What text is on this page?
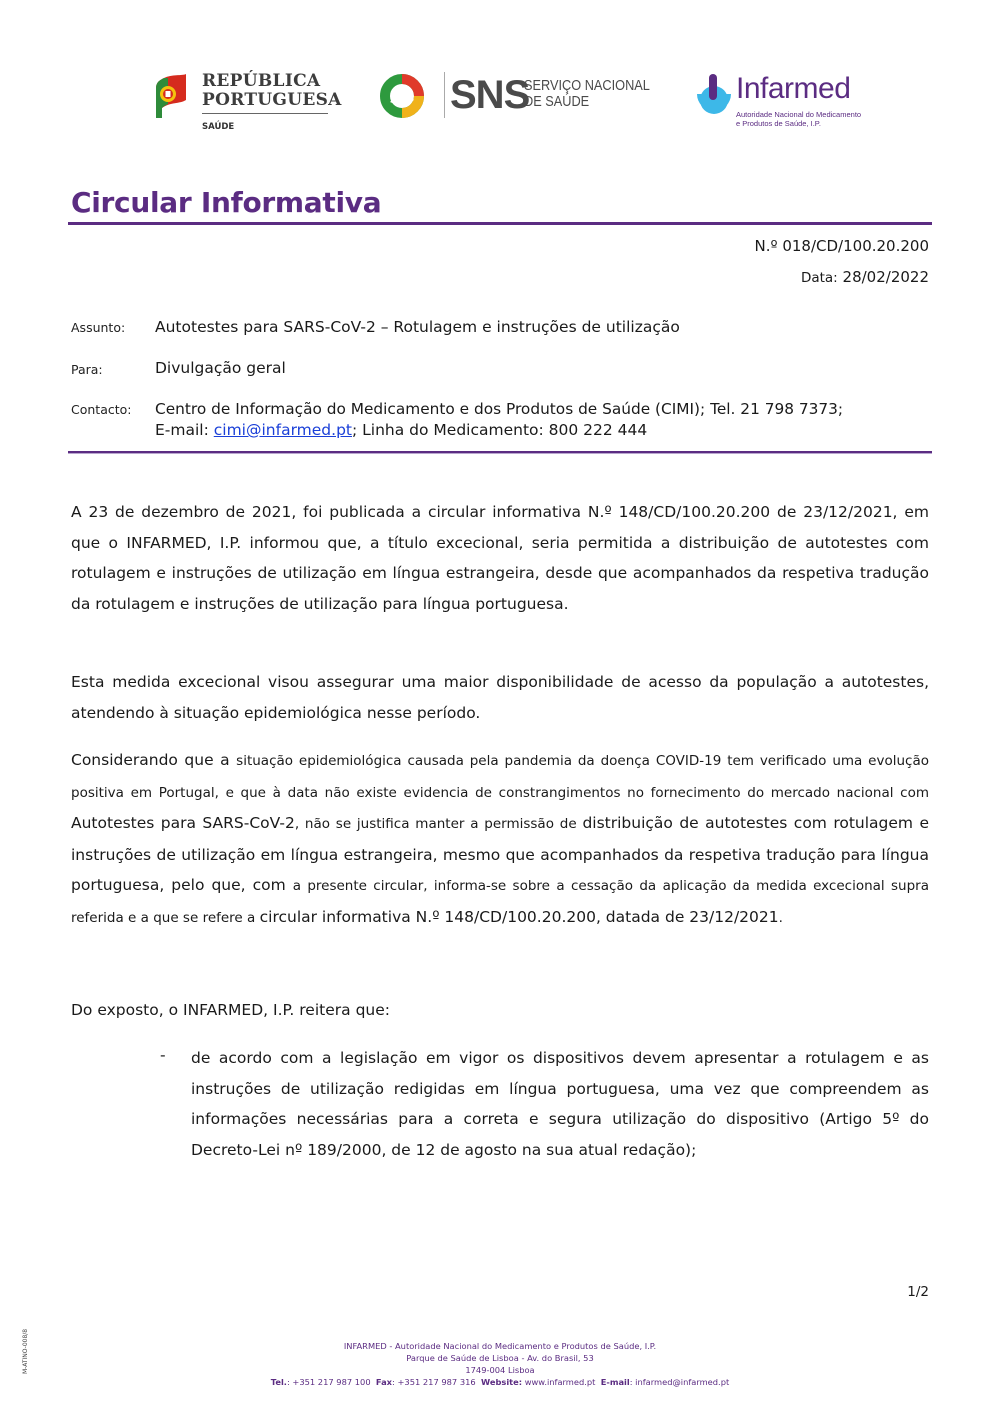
REPÚBLICA
PORTUGUESA
SAÚDE
SNS
SERVIÇO NACIONAL
DE SAÚDE	Infarmed
Autoridade Nacional do Medicamento
e Produtos de Saúde, I.P.
Circular Informativa
N.º 018/CD/100.20.200
Data: 28/02/2022
Assunto: Autotestes para SARS-CoV-2 – Rotulagem e instruções de utilização
Para:	Divulgação geral
Contacto: Centro de Informação do Medicamento e dos Produtos de Saúde (CIMI); Tel. 21 798 7373;
E-mail: cimi@infarmed.pt; Linha do Medicamento: 800 222 444
A 23 de dezembro de 2021, foi publicada a circular informativa N.º 148/CD/100.20.200 de 23/12/2021, em que o INFARMED, I.P. informou que, a título excecional, seria permitida a distribuição de autotestes com rotulagem e instruções de utilização em língua estrangeira, desde que acompanhados da respetiva tradução da rotulagem e instruções de utilização para língua portuguesa.
Esta medida excecional visou assegurar uma maior disponibilidade de acesso da população a autotestes, atendendo à situação epidemiológica nesse período.
Considerando que a situação epidemiológica causada pela pandemia da doença COVID-19 tem verificado uma evolução positiva em Portugal, e que à data não existe evidencia de constrangimentos no fornecimento do mercado nacional com Autotestes para SARS-CoV-2, não se justifica manter a permissão de distribuição de autotestes com rotulagem e instruções de utilização em língua estrangeira, mesmo que acompanhados da respetiva tradução para língua portuguesa, pelo que, com a presente circular, informa-se sobre a cessação da aplicação da medida excecional supra referida e a que se refere a circular informativa N.º 148/CD/100.20.200, datada de 23/12/2021.
Do exposto, o INFARMED, I.P. reitera que:
- de acordo com a legislação em vigor os dispositivos devem apresentar a rotulagem e as instruções de utilização redigidas em língua portuguesa, uma vez que compreendem as informações necessárias para a correta e segura utilização do dispositivo (Artigo 5º do Decreto-Lei nº 189/2000, de 12 de agosto na sua atual redação);
1/2
M-ATINO-008/8	INFARMED - Autoridade Nacional do Medicamento e Produtos de Saúde, I.P.
Parque de Saúde de Lisboa - Av. do Brasil, 53
1749-004 Lisboa
Tel.: +351 217 987 100 Fax: +351 217 987 316 Website: www.infarmed.pt E-mail: infarmed@infarmed.pt
